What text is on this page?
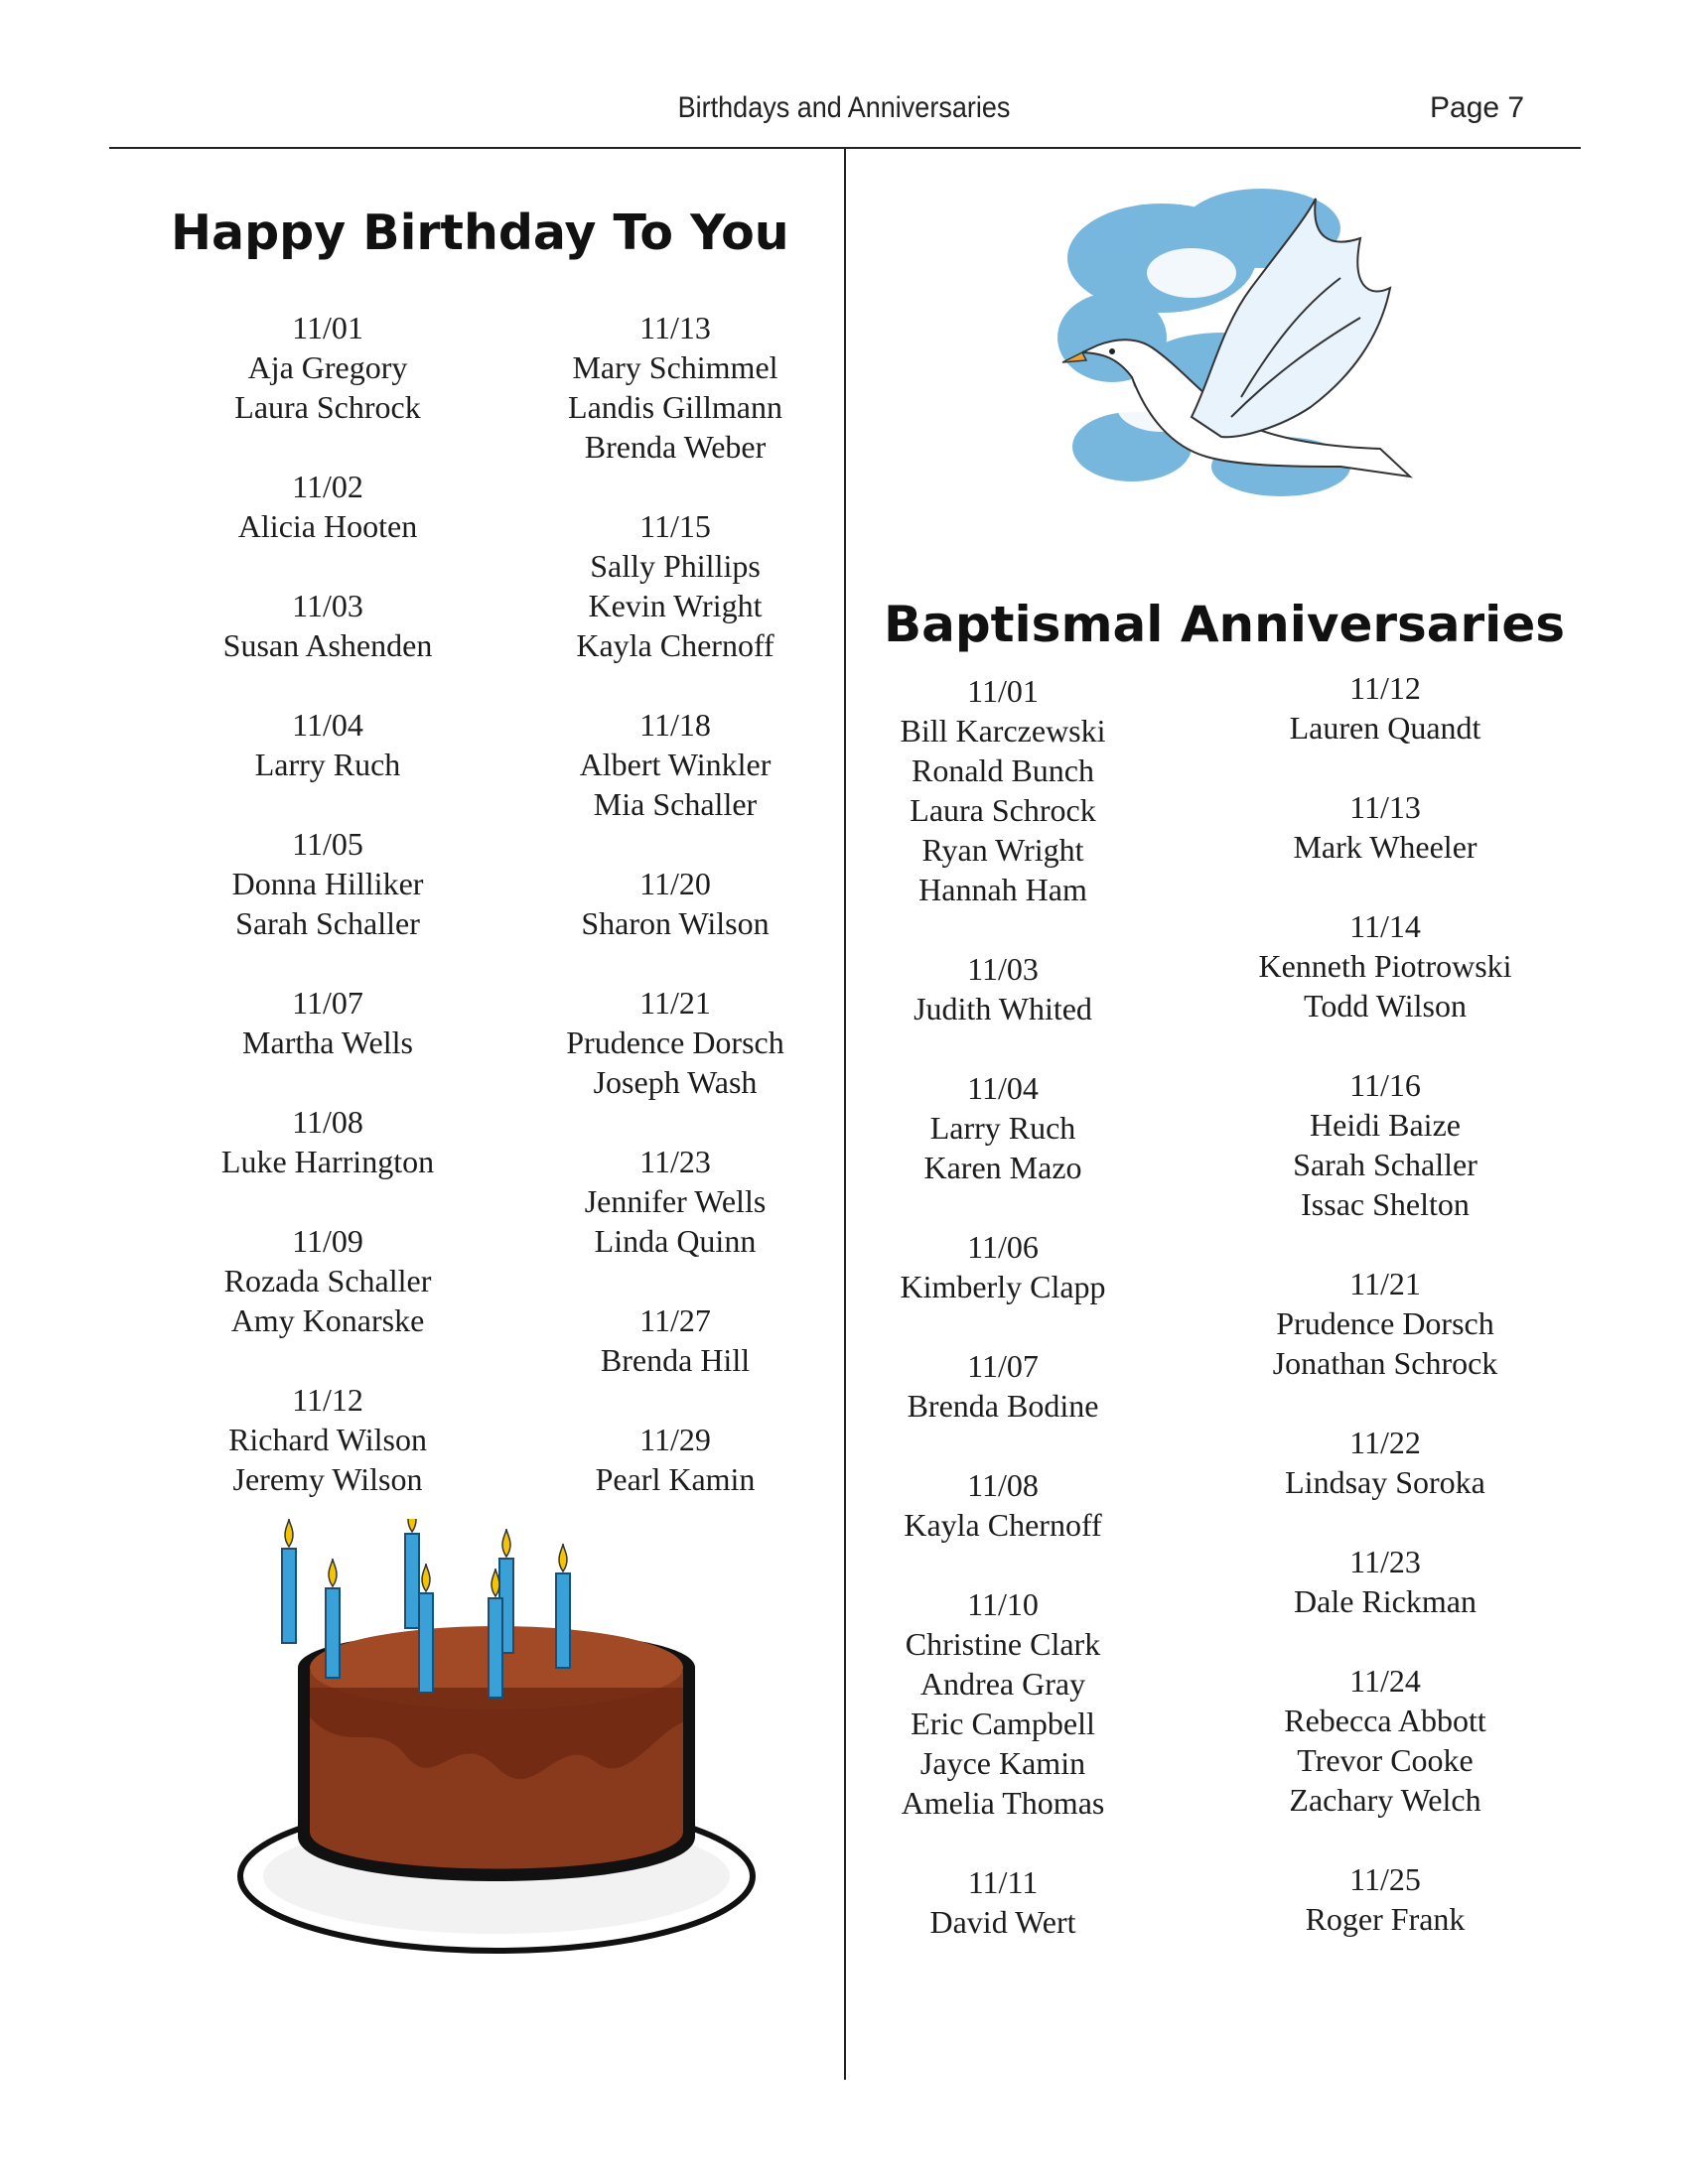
Birthdays and Anniversaries	Page 7
Happy Birthday To You
11/01
Aja Gregory
Laura Schrock
11/02
Alicia Hooten
11/03
Susan Ashenden
11/04
Larry Ruch
11/05
Donna Hilliker
Sarah Schaller
11/07
Martha Wells
11/08
Luke Harrington
11/09
Rozada Schaller
Amy Konarske
11/12
Richard Wilson
Jeremy Wilson
11/13
Mary Schimmel
Landis Gillmann
Brenda Weber
11/15
Sally Phillips
Kevin Wright
Kayla Chernoff
11/18
Albert Winkler
Mia Schaller
11/20
Sharon Wilson
11/21
Prudence Dorsch
Joseph Wash
11/23
Jennifer Wells
Linda Quinn
11/27
Brenda Hill
11/29
Pearl Kamin
Baptismal Anniversaries
11/01
Bill Karczewski
Ronald Bunch
Laura Schrock
Ryan Wright
Hannah Ham
11/03
Judith Whited
11/04
Larry Ruch
Karen Mazo
11/06
Kimberly Clapp
11/07
Brenda Bodine
11/08
Kayla Chernoff
11/10
Christine Clark
Andrea Gray
Eric Campbell
Jayce Kamin
Amelia Thomas
11/11
David Wert
11/12
Lauren Quandt
11/13
Mark Wheeler
11/14
Kenneth Piotrowski
Todd Wilson
11/16
Heidi Baize
Sarah Schaller
Issac Shelton
11/21
Prudence Dorsch
Jonathan Schrock
11/22
Lindsay Soroka
11/23
Dale Rickman
11/24
Rebecca Abbott
Trevor Cooke
Zachary Welch
11/25
Roger Frank
